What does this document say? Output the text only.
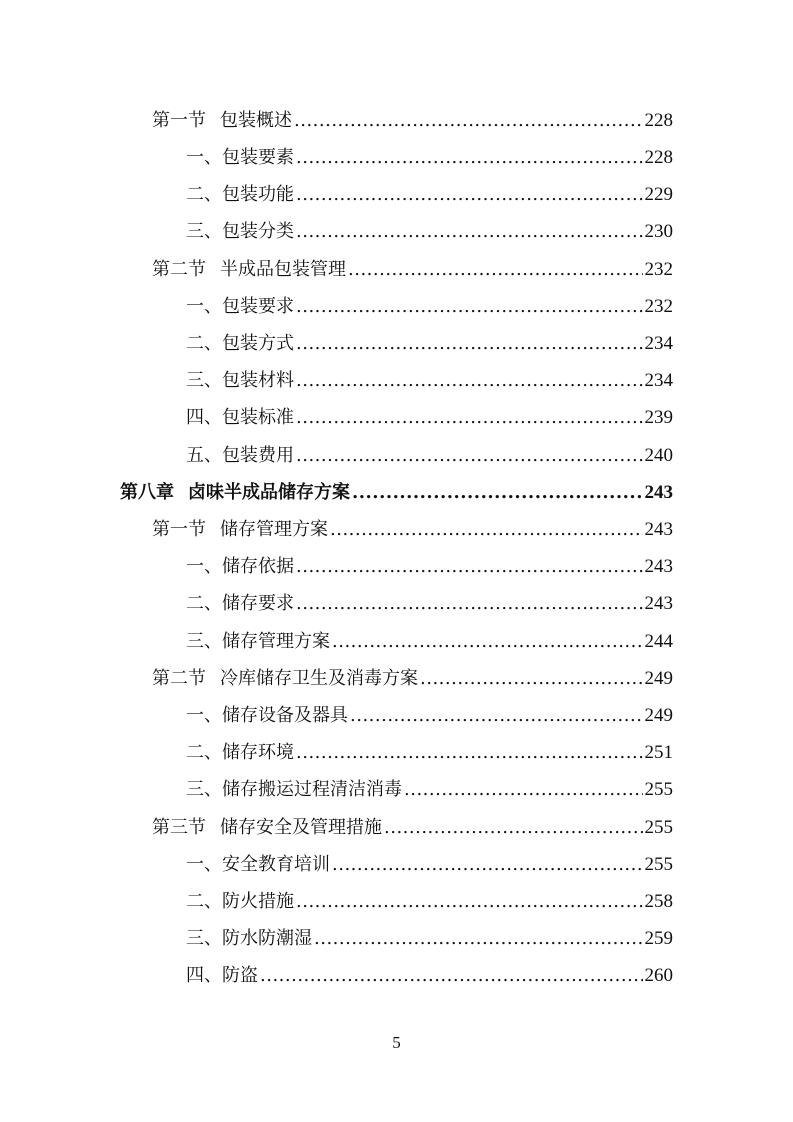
第一节 包装概述 .....	228
一、包装要素 .....	228
二、包装功能 .....	229
三、包装分类 .....	230
第二节 半成品包装管理 .....	232
一、包装要求 .....	232
二、包装方式 .....	234
三、包装材料 .....	234
四、包装标准 .....	239
五、包装费用 .....	240
第八章 卤味半成品储存方案 .....	243
第一节 储存管理方案 .....	243
一、储存依据 .....	243
二、储存要求 .....	243
三、储存管理方案 .....	244
第二节 冷库储存卫生及消毒方案 .....	249
一、储存设备及器具 .....	249
二、储存环境 .....	251
三、储存搬运过程清洁消毒 .....	255
第三节 储存安全及管理措施 .....	255
一、安全教育培训 .....	255
二、防火措施 .....	258
三、防水防潮湿 .....	259
四、防盗 .....	260
5
